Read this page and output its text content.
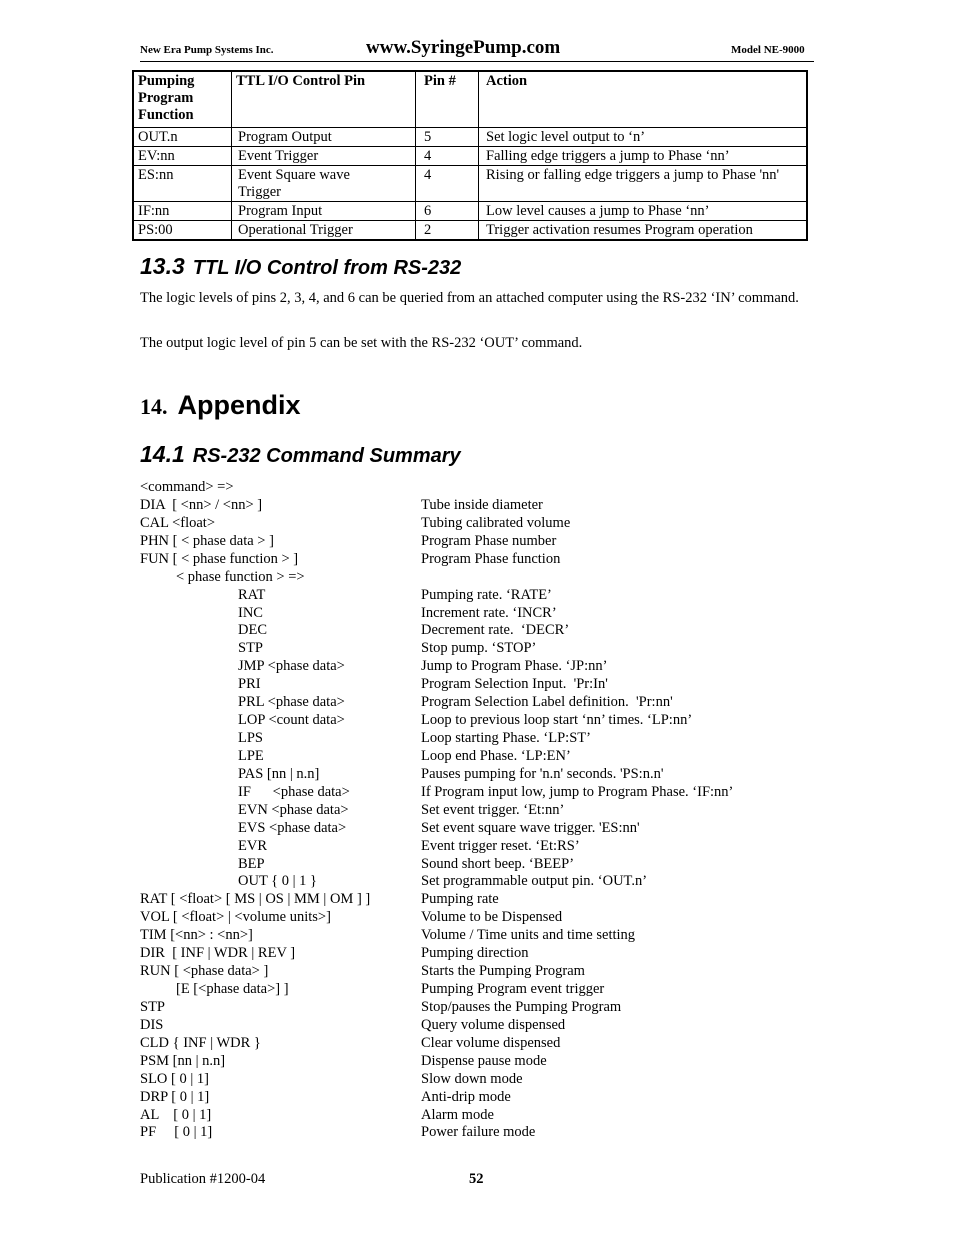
New Era Pump Systems Inc.	www.SyringePump.com	Model NE-9000
Pumping
Program
Function	TTL I/O Control Pin	Pin #	Action
OUT.n	Program Output	5	Set logic level output to ‘n’
EV:nn	Event Trigger	4	Falling edge triggers a jump to Phase ‘nn’
ES:nn	Event Square wave Trigger	4	Rising or falling edge triggers a jump to Phase 'nn'
IF:nn	Program Input	6	Low level causes a jump to Phase ‘nn’
PS:00	Operational Trigger	2	Trigger activation resumes Program operation
13.3 TTL I/O Control from RS-232
The logic levels of pins 2, 3, 4, and 6 can be queried from an attached computer using the RS-232 ‘IN’ command.
The output logic level of pin 5 can be set with the RS-232 ‘OUT’ command.
14. Appendix
14.1 RS-232 Command Summary
<command> =>
DIA  [ <nn> / <nn> ]	Tube inside diameter
CAL <float>	Tubing calibrated volume
PHN [ < phase data > ]	Program Phase number
FUN [ < phase function > ]	Program Phase function
< phase function > =>
RAT	Pumping rate. ‘RATE’
INC	Increment rate. ‘INCR’
DEC	Decrement rate.  ‘DECR’
STP	Stop pump. ‘STOP’
JMP <phase data>	Jump to Program Phase. ‘JP:nn’
PRI	Program Selection Input.  'Pr:In'
PRL <phase data>	Program Selection Label definition.  'Pr:nn'
LOP <count data>	Loop to previous loop start ‘nn’ times. ‘LP:nn’
LPS	Loop starting Phase. ‘LP:ST’
LPE	Loop end Phase. ‘LP:EN’
PAS [nn | n.n]	Pauses pumping for 'n.n' seconds. 'PS:n.n'
IF      <phase data>	If Program input low, jump to Program Phase. ‘IF:nn’
EVN <phase data>	Set event trigger. ‘Et:nn’
EVS <phase data>	Set event square wave trigger. 'ES:nn'
EVR	Event trigger reset. ‘Et:RS’
BEP	Sound short beep. ‘BEEP’
OUT { 0 | 1 }	Set programmable output pin. ‘OUT.n’
RAT [ <float> [ MS | OS | MM | OM ] ]	Pumping rate
VOL [ <float> | <volume units>]	Volume to be Dispensed
TIM [<nn> : <nn>]	Volume / Time units and time setting
DIR  [ INF | WDR | REV ]	Pumping direction
RUN [ <phase data> ]	Starts the Pumping Program
[E [<phase data>] ]	Pumping Program event trigger
STP	Stop/pauses the Pumping Program
DIS	Query volume dispensed
CLD { INF | WDR }	Clear volume dispensed
PSM [nn | n.n]	Dispense pause mode
SLO [ 0 | 1]	Slow down mode
DRP [ 0 | 1]	Anti-drip mode
AL    [ 0 | 1]	Alarm mode
PF     [ 0 | 1]	Power failure mode
Publication #1200-04	52
